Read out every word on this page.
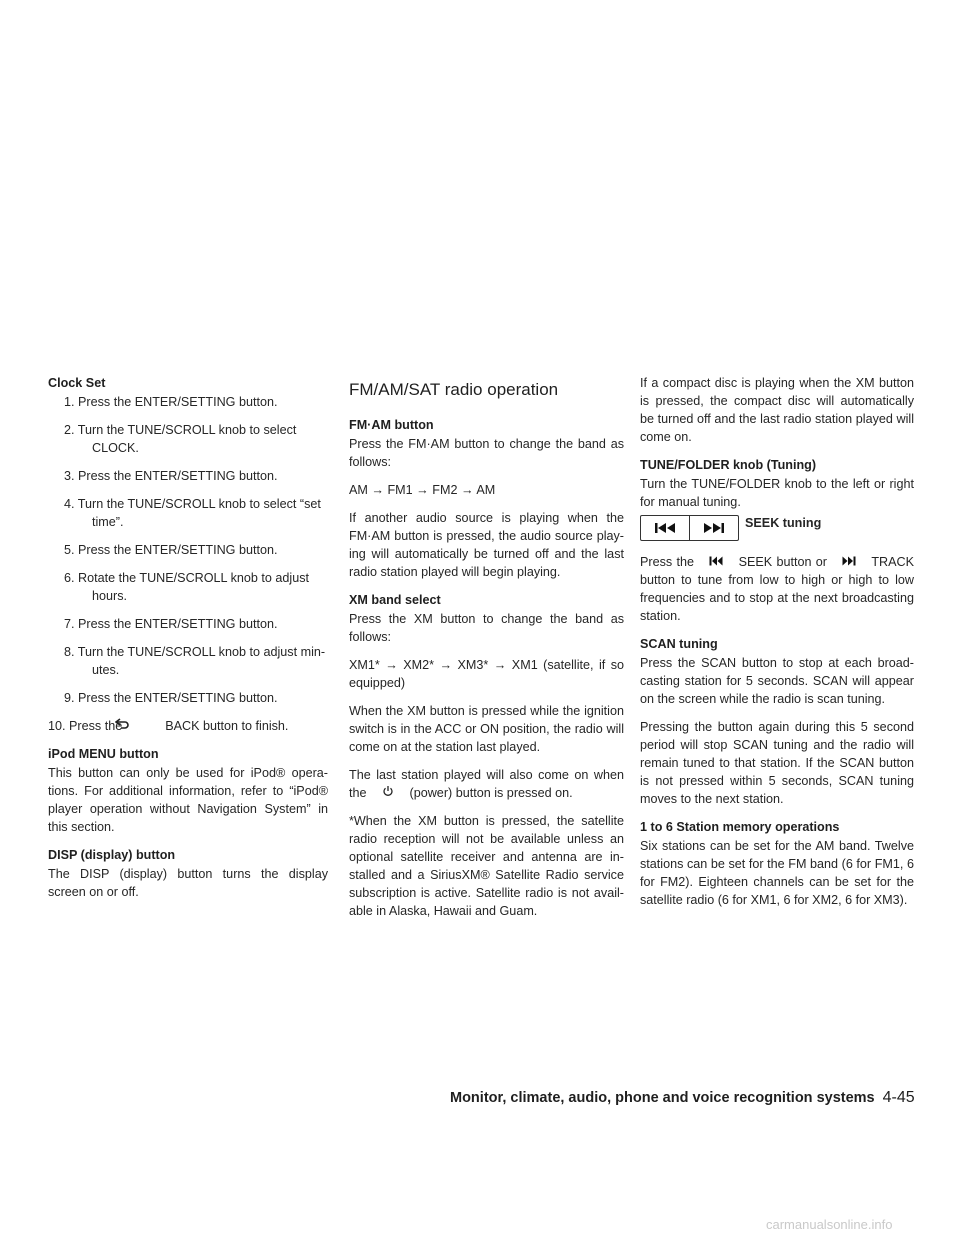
Clock Set
1. Press the ENTER/SETTING button.
2. Turn the TUNE/SCROLL knob to select CLOCK.
3. Press the ENTER/SETTING button.
4. Turn the TUNE/SCROLL knob to select “set time”.
5. Press the ENTER/SETTING button.
6. Rotate the TUNE/SCROLL knob to adjust hours.
7. Press the ENTER/SETTING button.
8. Turn the TUNE/SCROLL knob to adjust min- utes.
9. Press the ENTER/SETTING button.
10. Press the	BACK button to finish.
iPod MENU button
This button can only be used for iPod® opera- tions. For additional information, refer to “iPod® player operation without Navigation System” in this section.
DISP (display) button
The DISP (display) button turns the display screen on or off.
FM/AM/SAT radio operation
FM·AM button
Press the FM·AM button to change the band as follows:
AM → FM1 → FM2 → AM
If another audio source is playing when the FM·AM button is pressed, the audio source play- ing will automatically be turned off and the last radio station played will begin playing.
XM band select
Press the XM button to change the band as follows:
XM1* → XM2* → XM3* → XM1 (satellite, if so equipped)
When the XM button is pressed while the ignition switch is in the ACC or ON position, the radio will come on at the station last played.
The last station played will also come on when the	(power) button is pressed on.
*When the XM button is pressed, the satellite radio reception will not be available unless an optional satellite receiver and antenna are in- stalled and a SiriusXM® Satellite Radio service subscription is active. Satellite radio is not avail- able in Alaska, Hawaii and Guam.
If a compact disc is playing when the XM button is pressed, the compact disc will automatically be turned off and the last radio station played will come on.
TUNE/FOLDER knob (Tuning)
Turn the TUNE/FOLDER knob to the left or right for manual tuning.
SEEK tuning
Press the	SEEK button or	TRACK button to tune from low to high or high to low frequencies and to stop at the next broadcasting station.
SCAN tuning
Press the SCAN button to stop at each broad- casting station for 5 seconds. SCAN will appear on the screen while the radio is scan tuning.
Pressing the button again during this 5 second period will stop SCAN tuning and the radio will remain tuned to that station. If the SCAN button is not pressed within 5 seconds, SCAN tuning moves to the next station.
1 to 6 Station memory operations
Six stations can be set for the AM band. Twelve stations can be set for the FM band (6 for FM1, 6 for FM2). Eighteen channels can be set for the satellite radio (6 for XM1, 6 for XM2, 6 for XM3).
Monitor, climate, audio, phone and voice recognition systems 4-45
carmanualsonline.info
